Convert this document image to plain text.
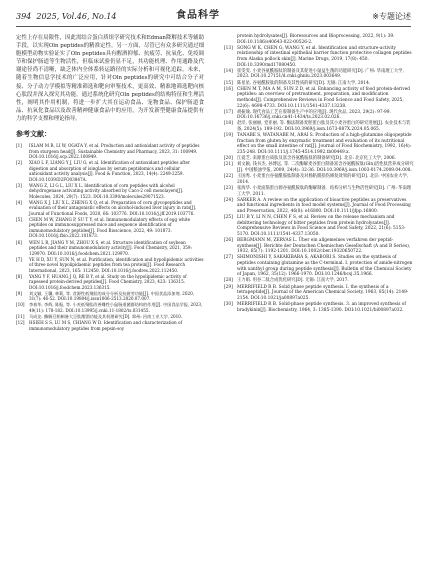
394 2025, Vol.46, No.14	食品科学	※专题论述

定性上存在局限性，因此需结合蛋白质组学研究技术和Edman降解技术等辅助手段，以实现Oln peptides的精准定性。另一方面，尽管已有众多研究通过细胞模型动物实验证实了Oln peptides具有醒酒抑郁、抗疲劳、抗氧化、免疫调节和保护肠道等生物活性，但临床试验仍显不足，其功能机理、作用通路及代谢途径尚不清晰，缺乏体内全体系转运路径的实际分析和可视化追踪。未来，随着生物信息学技术的广泛应用，针对Oln peptides的研究中可结合分子对接、分子动力学模拟等精准筛选和靶向审鉴技术，更高效、精准地筛选靶向核心肽段并深入探究其功能。通过系统化研究Oln peptides的结构特征和生理活性，阐明其作用机制，将进一步扩大其在运动食品、宠物食品、保护肠道食品、抗氧化食品以及改善精神健康食品中的应用，为开发新型健康食品提供有力的科学支撑和理论指导。

参考文献：
[1]	ISLAM M R, LI W, OGATA Y, et al. Production and antioxidant activity of peptides from sturgeon head[J]. Sustainable Chemistry and Pharmacy, 2023, 31: 100949. DOI:10.1016/j.scp.2022.100949.
[2]	XIAO L F, LIANG Y J, LIU G, et al. Identification of antioxidant peptides after digestion and absorption of isinglass by serum peptidomics and cellular antioxidant activity analysis[J]. Food & Function, 2023, 14(4): 2249-2259. DOI:10.1039/D2FO03847A.
[3]	WANG Z, LI G L, LIU X L. Identification of corn peptides with alcohol dehydrogenase activating activity absorbed by Caco-2 cell monolayers[J]. Molecules, 2024, 29(7): 1523. DOI:10.3390/molecules29071523.
[4]	WANG X J, LIU X L, ZHENG X Q, et al. Preparation of corn glycopeptides and evaluation of their antagonistic effects on alcohol-induced liver injury in rats[J]. Journal of Functional Foods, 2020, 66: 103776. DOI:10.1016/j.jff.2019.103776.
[5]	CHEN M W, ZHANG P, SU T Y, et al. Immunomodulatory effects of egg white peptides on immunosuppressed mice and sequence identification of immunomodulatory peptides[J]. Food Bioscience, 2022, 49: 101873. DOI:10.1016/j.fbio.2022.101873.
[6]	WEN L R, JIANG Y M, ZHOU X S, et al. Structure identification of soybean peptides and their immunomodulatory activity[J]. Food Chemistry, 2021, 359: 129970. DOI:10.1016/j.foodchem.2021.129970.
[7]	YE H D, XU Y, SUN N, et al. Purification, identification and hypolipidemic activities of three novel hypolipidaemic peptides from tea protein[J]. Food Research International, 2023, 165: 112450. DOI:10.1016/j.foodres.2022.112450.
[8]	YANG Y F, HUANG J Q, RE B Y, et al. Study on the hypolipidemic activity of rapeseed protein-derived peptides[J]. Food Chemistry, 2023, 423: 136315. DOI:10.1016/j.foodchem.2023.136315.
[9]	刘文颖, 王馨, 林莉, 等. 食源性低聚肽的成分分析及抗疲劳功能[J]. 中国食品添加剂, 2020, 31(7): 46-52. DOI:10.19804/j.issn1006-2513.2020.07.007.
[10]	李春华, 李辉, 陈振, 等. 小麦低聚肽改善雌性小鼠肠道菌群结构的作用[J]. 中国食品学报, 2023, 49(11): 178-182. DOI:10.13995/j.cnki.11-1802/ts.031455.
[11]	马成龙. 酶解豆粕制备大豆肽醒酒功能及其机理研究[D]. 郑州: 河南工业大学, 2010.
[12]	HSIEH S S, LU M S, CHIANG W D. Identification and characterization of immunomodulatory peptides from pepsin-soy
protein hydrolysates[J]. Bioresources and Bioprocessing, 2022, 9(1): 39. DOI:10.1186/s40643-022-00526-2.
[13] SONG W K, CHEN G, WANG Y, et al. Identification and structure-activity relationship of intestinal epithelial barrier function protective collagen peptides from Alaska pollock skin[J]. Marine Drugs, 2019, 17(8): 450. DOI:10.3390/md17080450.
[14] 崔雯雯. 小麦谷氨酰胺肽的制备及其促进小鼠益生菌的功能研究[D]. 广州: 华南理工大学, 2023. DOI:10.27151/d.cnki.ghnlu.2023.003649.
[15] 陈星星. 谷氨酰胺肽的制备及其性质的研究[D]. 无锡: 江南大学, 2014.
[16] CHEN M T, MA A M, SUN Z D, et al. Enhancing activity of food protein-derived peptides: an overview of pretreatment, preparation, and modification methods[J]. Comprehensive Reviews in Food Science and Food Safety, 2025, 22(6): 4698-4733. DOI:10.1111/1541-4337.13238.
[17] 胡振瑜. 现代食品工艺在胶制备生产中的应用[J]. 现代食品, 2023, 29(2): 97-99. DOI:10.16736/j.cnki.cn41-1434/ts.2023.02.026.
[18] 赵洋, 张丽丽, 党亚丽, 等. 酶法制备麦胚蛋白肽及其小麦谷蛋白的研究进展[J]. 农业技术与装备, 2024(5): 189-192. DOI:10.3969/j.issn.1673-887X.2024.05.065.
[19] TANABE S, WATANABE M, ARAI S. Production of a high-glutamine oligopeptide fraction from gluten by enzymatic treatment and evaluation of its nutritional effect on the small intestine of rat[J]. Journal of Food Biochemistry, 1992, 16(4): 235-248. DOI:10.1111/j.1745-4514.1992.tb00449.x.
[20] 江爱芝. 来源蛋白质肽及富含谷氨酰胺肽的制备研究[D]. 北京: 北京化工大学, 2006.
[21] 刘文颖, 钱书杰, 孙博远, 等. 二次酶解麦谷蛋白制备富含谷氨酰胺肽(Gln)活性肽营养成分研究[J]. 中国粮油学报, 2009, 24(4): 32-36. DOI:10.3969/j.issn.1003-0174.2009.04.008.
[22] 王国秀. 小麦蛋白谷氨酰胺肽制备及对肠粘膜损伤修复效果的研究[D]. 北京: 中国农业大学, 2014.
[23] 张海华. 小麦面筋蛋白源谷氨酰胺肽的酶解制备、结构分析与生物活性研究[D]. 广州: 华南理工大学, 2011.
[24] SARKER A. A review on the application of bioactive peptides as preservatives and functional ingredients in food model systems[J]. Journal of Food Processing and Preservation, 2022, 46(8): e16800. DOI:10.1111/jfpp.16800.
[25] LIU B Y, LI N N, CHEN F S, et al. Review on the release mechanism and debittering technology of bitter peptides from protein hydrolysates[J]. Comprehensive Reviews in Food Science and Food Safety, 2022, 21(6): 5153-5170. DOI:10.1111/1541-4337.13050.
[26] BERGMANN M, ZERVAS L. Über ein allgemeines verfahren der peptid-synthese[J]. Berichte der Deutschen Chemischen Gesellschaft (A and B Series), 1932, 65(7): 1192-1201. DOI:10.1002/cber.19320650722.
[27] SHIMONISHI Y, SAKAKIBARA S, AKABORI S. Studies on the synthesis of peptides containing glutamine as the C-terminal. I. protection of amide-nitrogen with xanthyl group during peptide synthesis[J]. Bulletin of the Chemical Society of Japan, 1962, 35(12): 1966-1970. DOI:10.1246/bcsj.35.1966.
[28] 王力娟. 用谷二肽合成优化研究[D]. 无锡: 江南大学, 2017.
[29] MERRIFIELD R B. Solid phase peptide synthesis. I. the synthesis of a tetrapeptide[J]. Journal of the American Chemical Society, 1963, 85(14): 2149-2154. DOI:10.1021/ja00897a025.
[30] MERRIFIELD R B. Solid-phase peptide synthesis. 3. an improved synthesis of bradykinin[J]. Biochemistry, 1964, 3: 1385-1390. DOI:10.1021/bi00897a032.
